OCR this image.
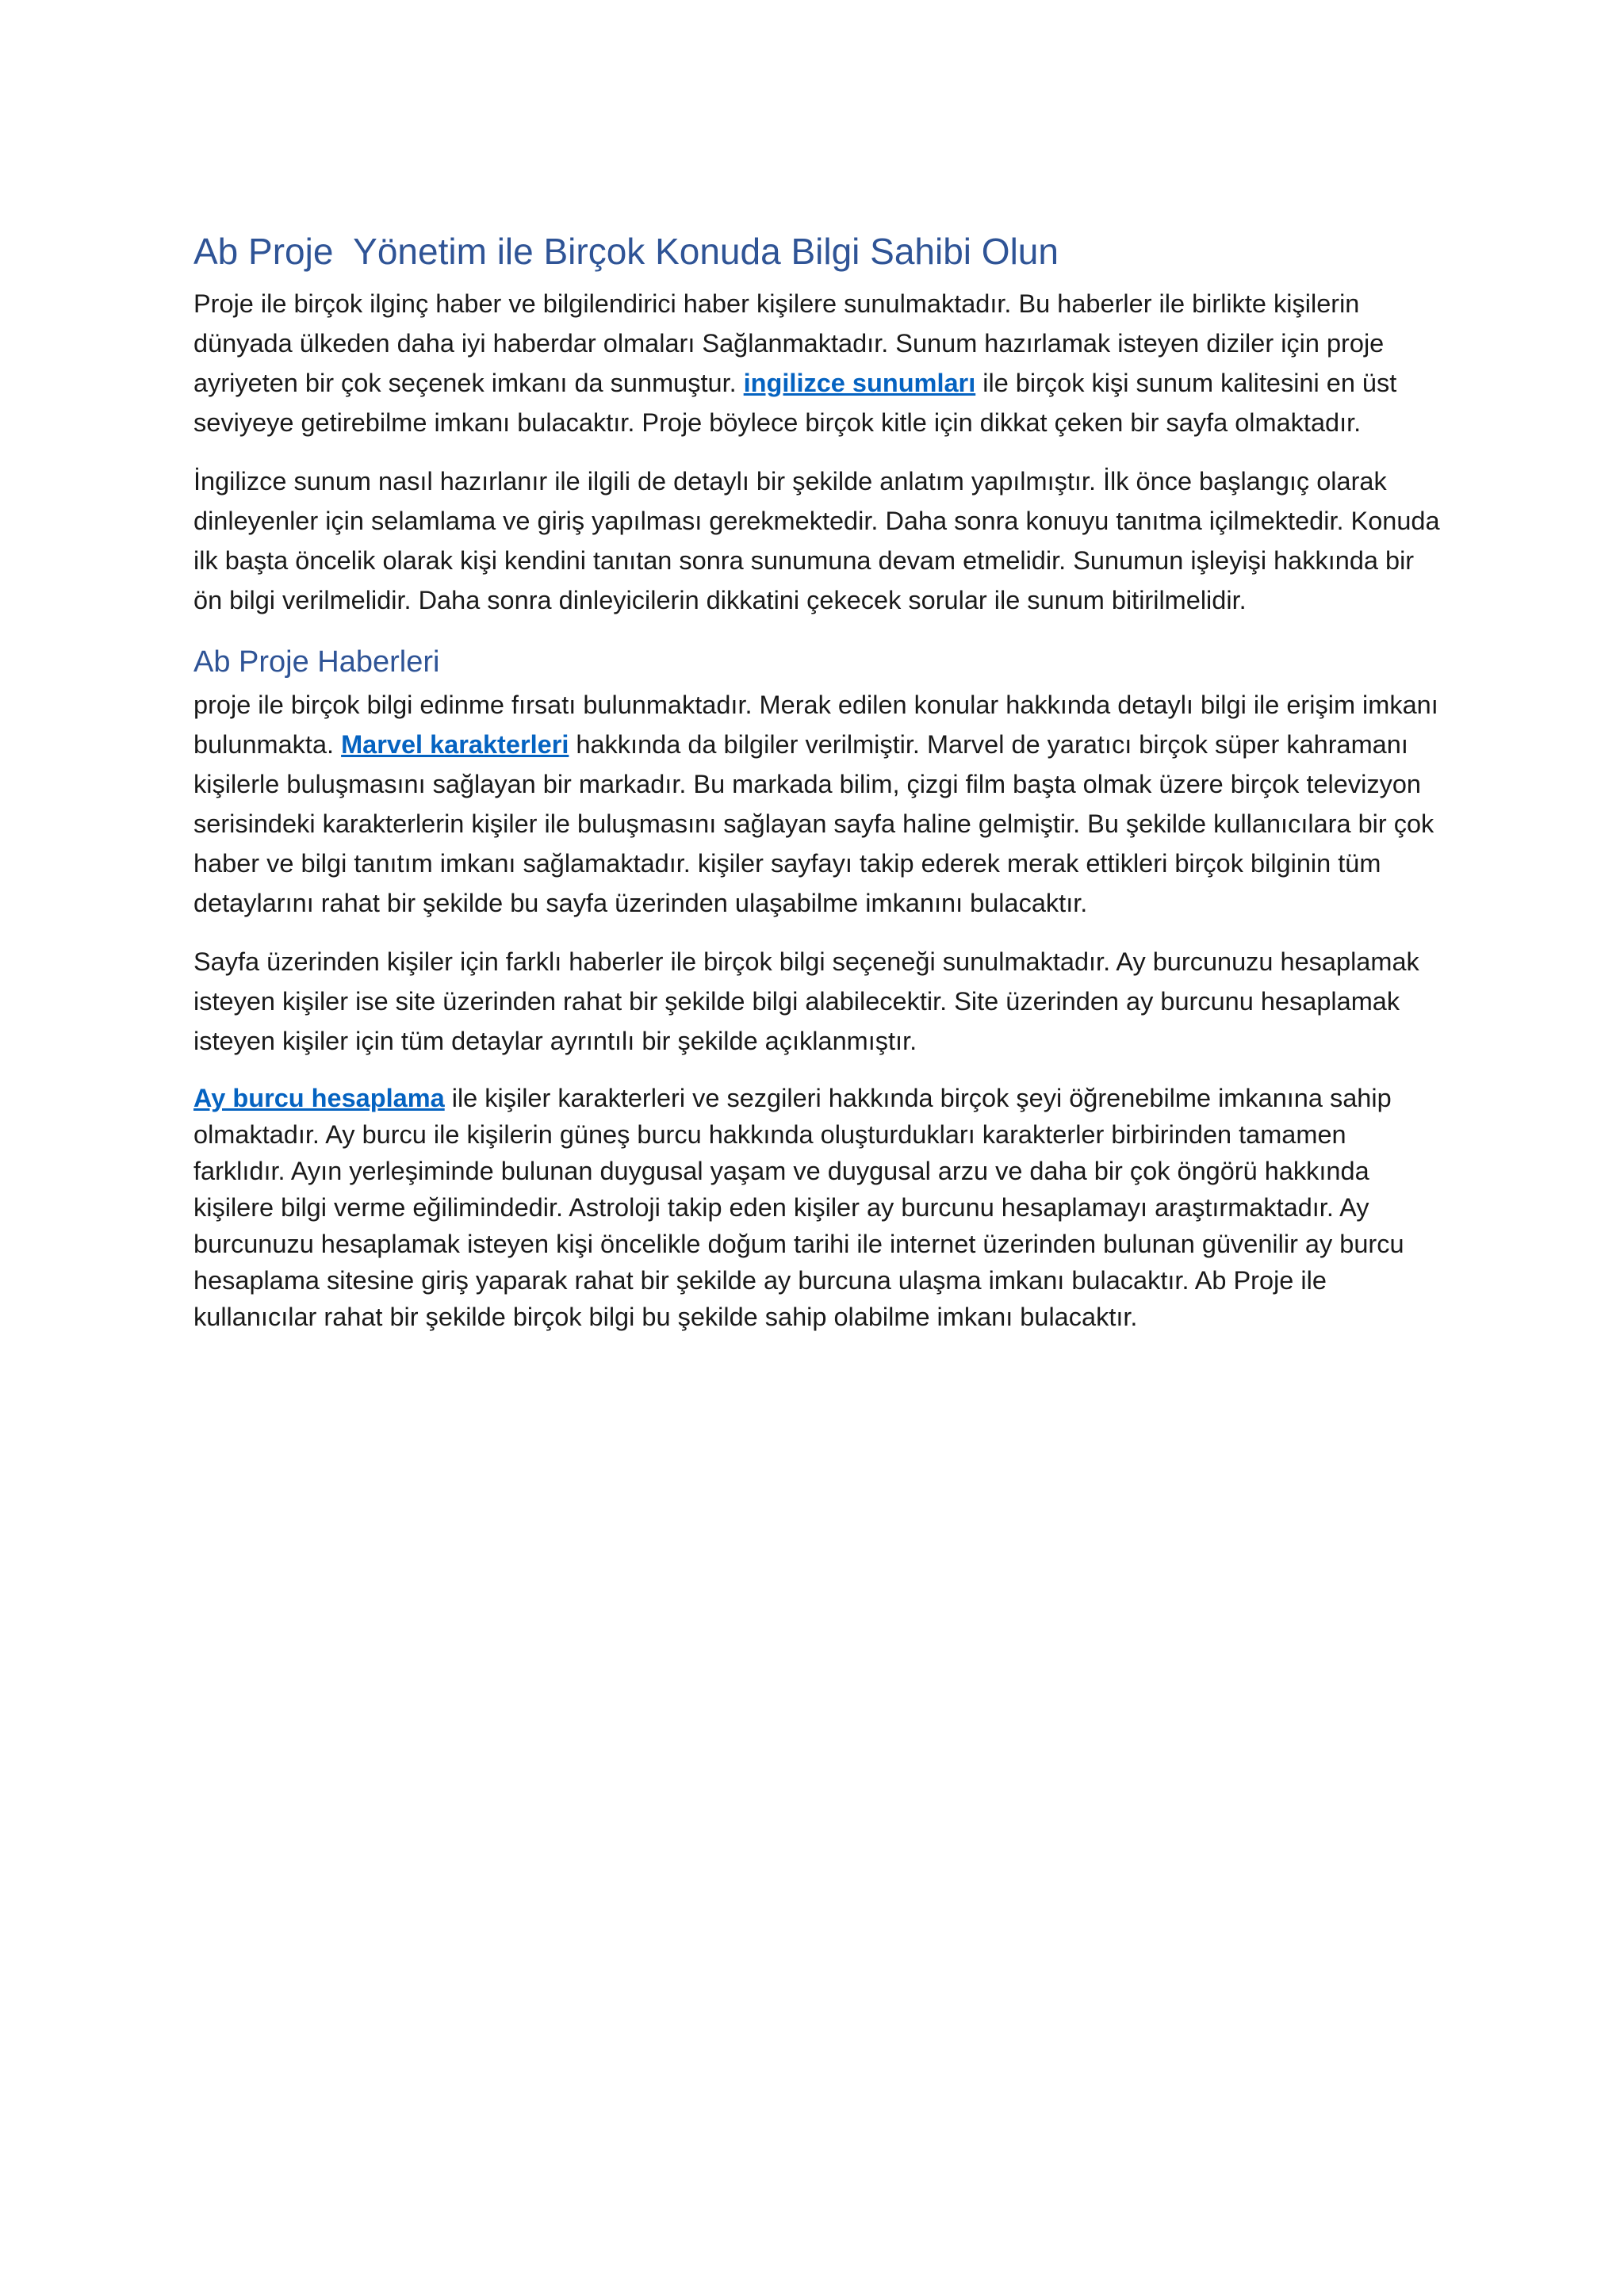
Ab Proje  Yönetim ile Birçok Konuda Bilgi Sahibi Olun

Proje ile birçok ilginç haber ve bilgilendirici haber kişilere sunulmaktadır. Bu haberler ile birlikte kişilerin dünyada ülkeden daha iyi haberdar olmaları Sağlanmaktadır. Sunum hazırlamak isteyen diziler için proje ayriyeten bir çok seçenek imkanı da sunmuştur. ingilizce sunumları ile birçok kişi sunum kalitesini en üst seviyeye getirebilme imkanı bulacaktır. Proje böylece birçok kitle için dikkat çeken bir sayfa olmaktadır.

İngilizce sunum nasıl hazırlanır ile ilgili de detaylı bir şekilde anlatım yapılmıştır. İlk önce başlangıç olarak dinleyenler için selamlama ve giriş yapılması gerekmektedir. Daha sonra konuyu tanıtma içilmektedir. Konuda ilk başta öncelik olarak kişi kendini tanıtan sonra sunumuna devam etmelidir. Sunumun işleyişi hakkında bir ön bilgi verilmelidir. Daha sonra dinleyicilerin dikkatini çekecek sorular ile sunum bitirilmelidir.

Ab Proje Haberleri

proje ile birçok bilgi edinme fırsatı bulunmaktadır. Merak edilen konular hakkında detaylı bilgi ile erişim imkanı bulunmakta. Marvel karakterleri hakkında da bilgiler verilmiştir. Marvel de yaratıcı birçok süper kahramanı kişilerle buluşmasını sağlayan bir markadır. Bu markada bilim, çizgi film başta olmak üzere birçok televizyon serisindeki karakterlerin kişiler ile buluşmasını sağlayan sayfa haline gelmiştir. Bu şekilde kullanıcılara bir çok haber ve bilgi tanıtım imkanı sağlamaktadır. kişiler sayfayı takip ederek merak ettikleri birçok bilginin tüm detaylarını rahat bir şekilde bu sayfa üzerinden ulaşabilme imkanını bulacaktır.

Sayfa üzerinden kişiler için farklı haberler ile birçok bilgi seçeneği sunulmaktadır. Ay burcunuzu hesaplamak isteyen kişiler ise site üzerinden rahat bir şekilde bilgi alabilecektir. Site üzerinden ay burcunu hesaplamak isteyen kişiler için tüm detaylar ayrıntılı bir şekilde açıklanmıştır.

Ay burcu hesaplama ile kişiler karakterleri ve sezgileri hakkında birçok şeyi öğrenebilme imkanına sahip olmaktadır. Ay burcu ile kişilerin güneş burcu hakkında oluşturdukları karakterler birbirinden tamamen farklıdır. Ayın yerleşiminde bulunan duygusal yaşam ve duygusal arzu ve daha bir çok öngörü hakkında kişilere bilgi verme eğilimindedir. Astroloji takip eden kişiler ay burcunu hesaplamayı araştırmaktadır. Ay burcunuzu hesaplamak isteyen kişi öncelikle doğum tarihi ile internet üzerinden bulunan güvenilir ay burcu hesaplama sitesine giriş yaparak rahat bir şekilde ay burcuna ulaşma imkanı bulacaktır. Ab Proje ile kullanıcılar rahat bir şekilde birçok bilgi bu şekilde sahip olabilme imkanı bulacaktır.
